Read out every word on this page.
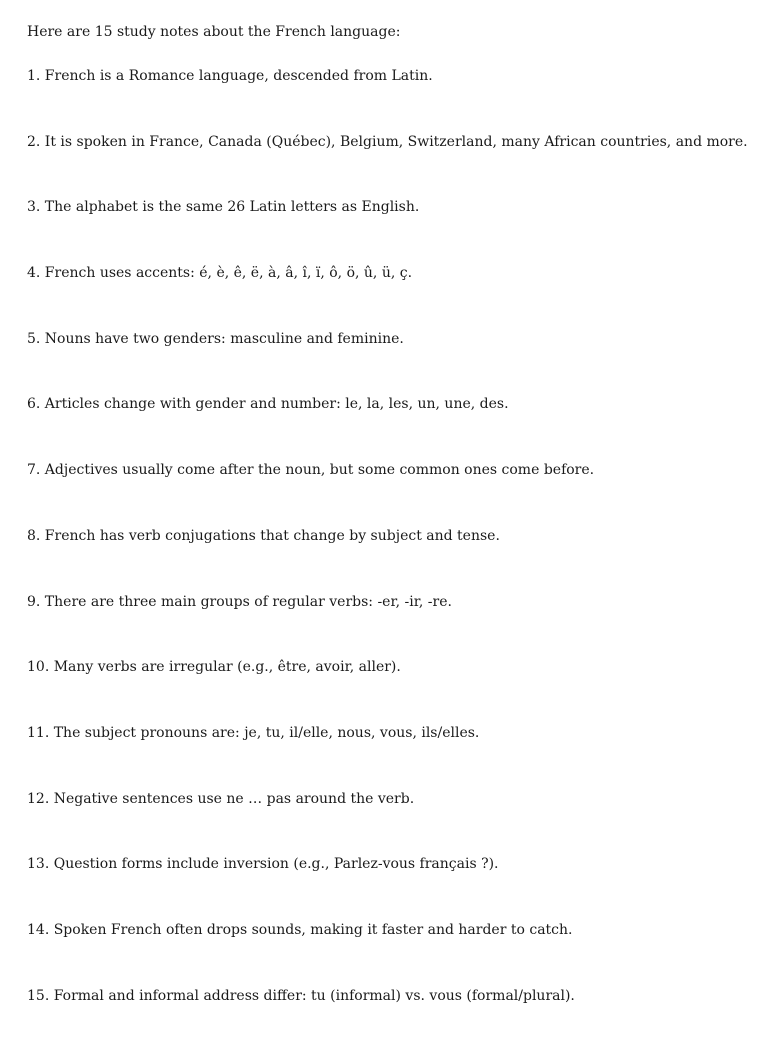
Here are 15 study notes about the French language:

1. French is a Romance language, descended from Latin.
2. It is spoken in France, Canada (Québec), Belgium, Switzerland, many African countries, and more.
3. The alphabet is the same 26 Latin letters as English.
4. French uses accents: é, è, ê, ë, à, â, î, ï, ô, ö, û, ü, ç.
5. Nouns have two genders: masculine and feminine.
6. Articles change with gender and number: le, la, les, un, une, des.
7. Adjectives usually come after the noun, but some common ones come before.
8. French has verb conjugations that change by subject and tense.
9. There are three main groups of regular verbs: -er, -ir, -re.
10. Many verbs are irregular (e.g., être, avoir, aller).
11. The subject pronouns are: je, tu, il/elle, nous, vous, ils/elles.
12. Negative sentences use ne … pas around the verb.
13. Question forms include inversion (e.g., Parlez-vous français ?).
14. Spoken French often drops sounds, making it faster and harder to catch.
15. Formal and informal address differ: tu (informal) vs. vous (formal/plural).
